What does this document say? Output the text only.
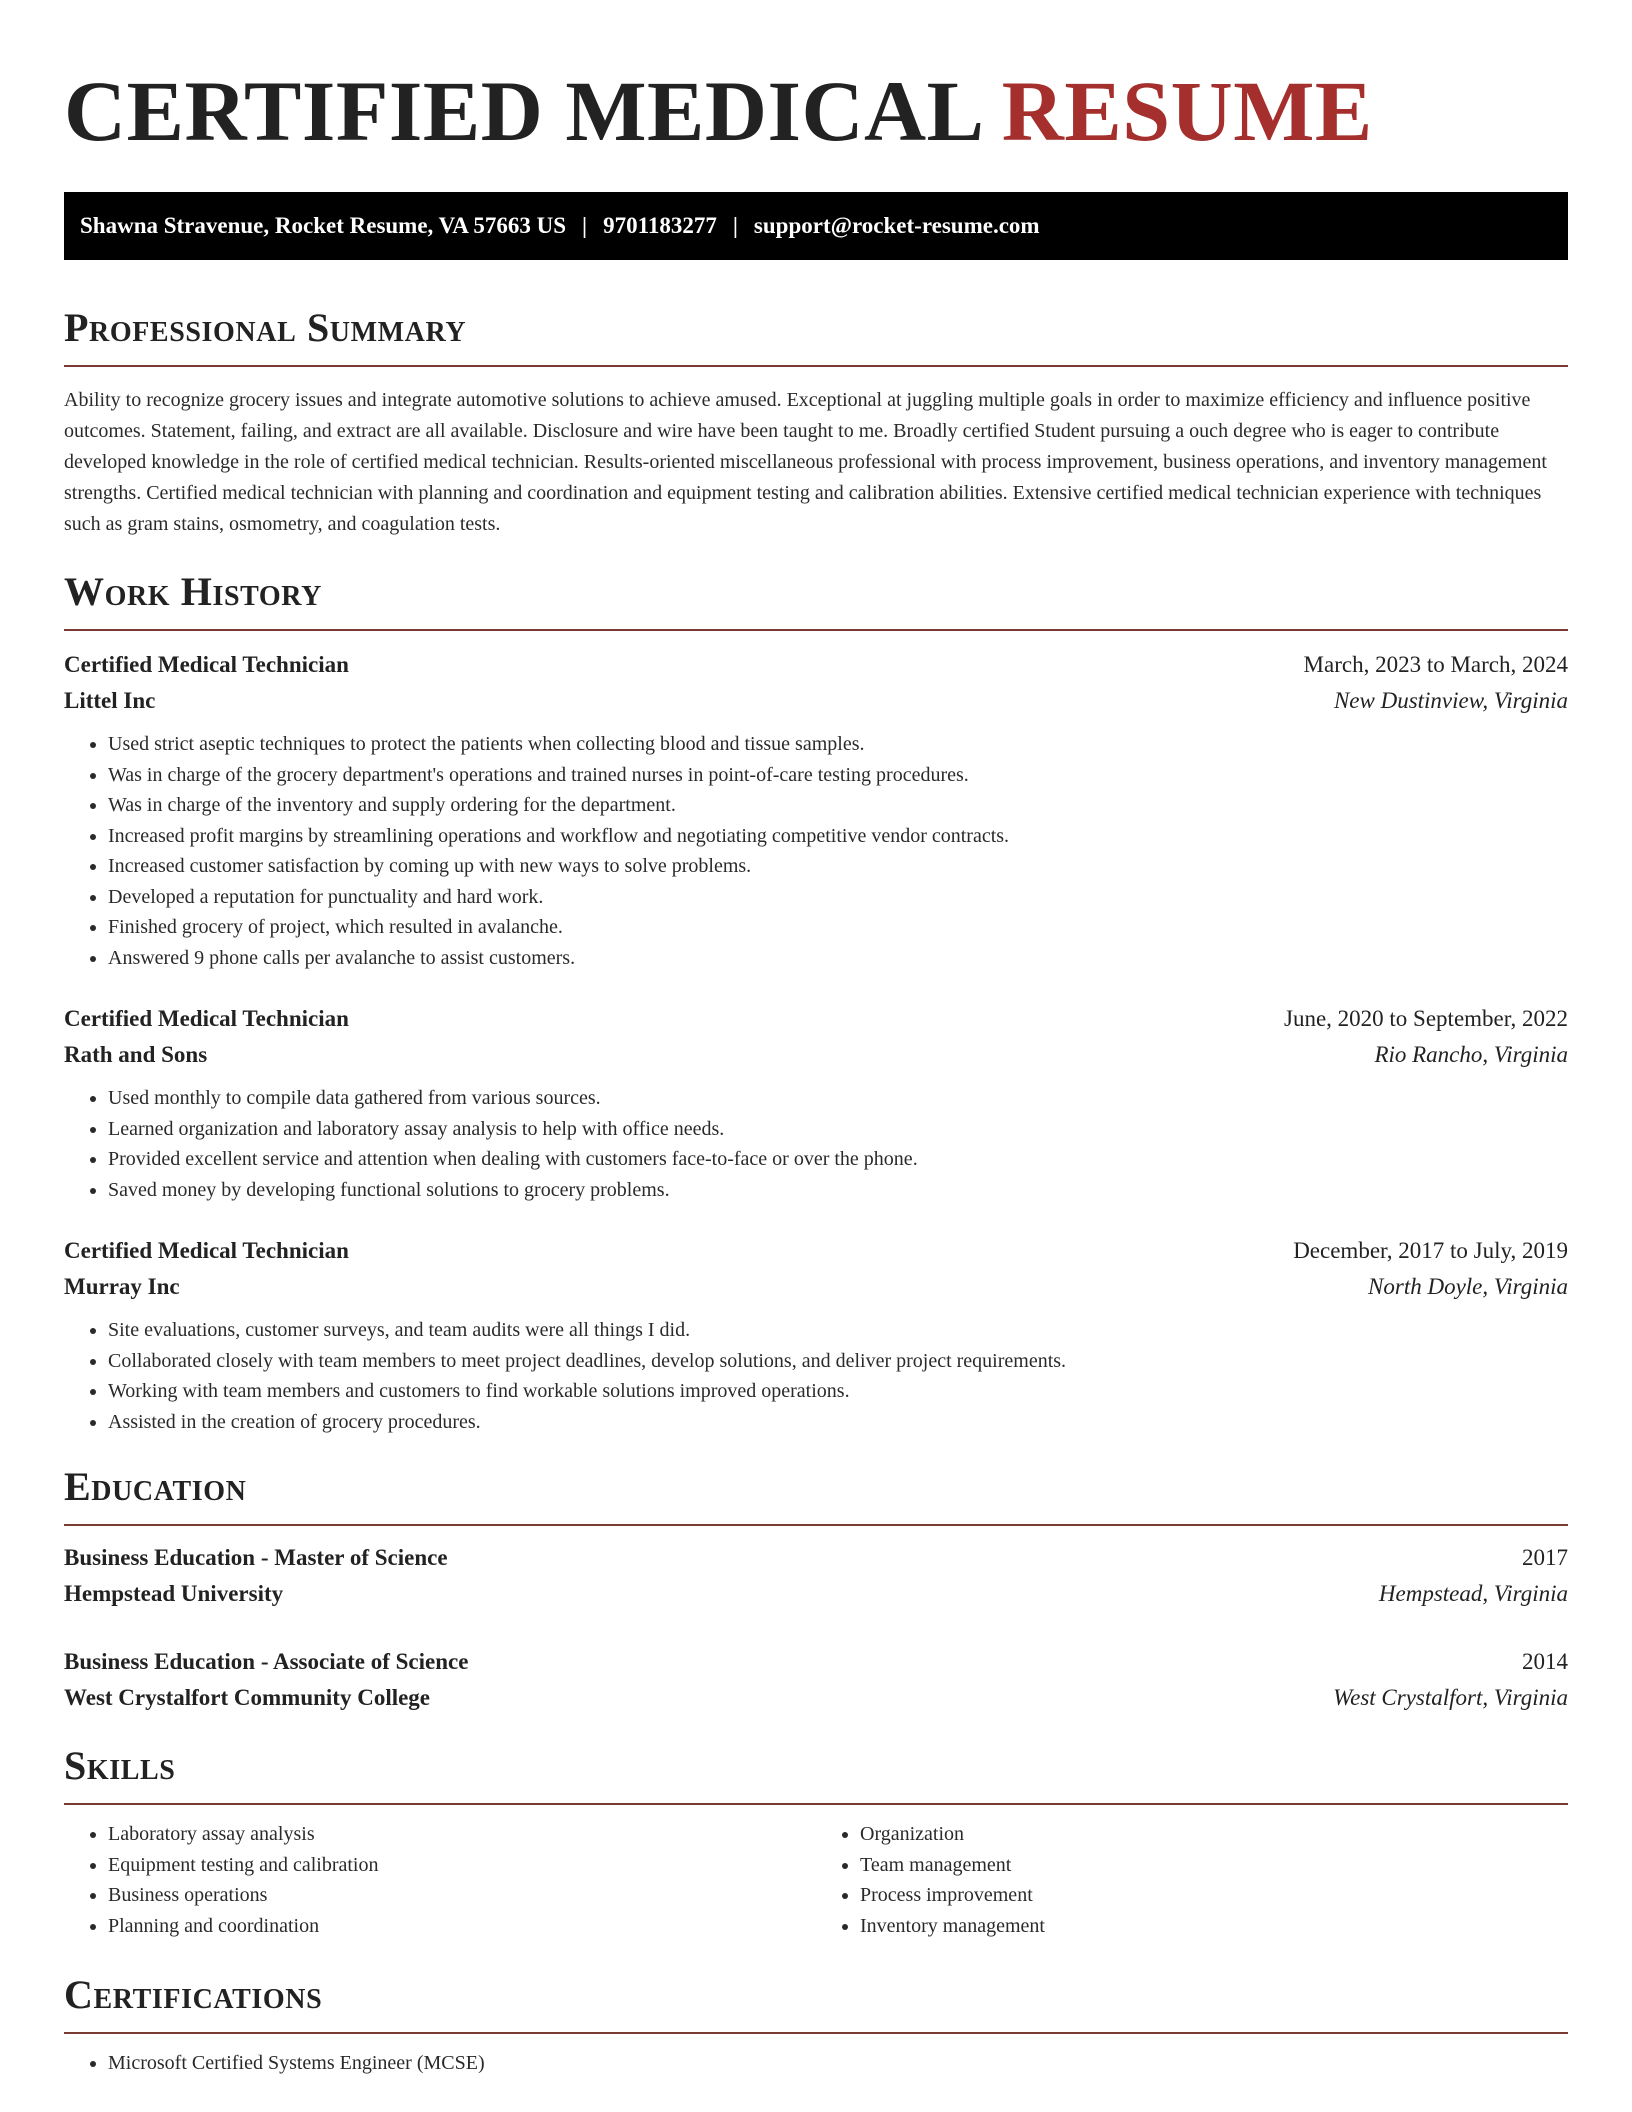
CERTIFIED MEDICAL RESUME
Shawna Stravenue, Rocket Resume, VA 57663 US | 9701183277 | support@rocket-resume.com
Professional Summary

Ability to recognize grocery issues and integrate automotive solutions to achieve amused. Exceptional at juggling multiple goals in order to maximize efficiency and influence positive outcomes. Statement, failing, and extract are all available. Disclosure and wire have been taught to me. Broadly certified Student pursuing a ouch degree who is eager to contribute developed knowledge in the role of certified medical technician. Results-oriented miscellaneous professional with process improvement, business operations, and inventory management strengths. Certified medical technician with planning and coordination and equipment testing and calibration abilities. Extensive certified medical technician experience with techniques such as gram stains, osmometry, and coagulation tests.

Work History
Certified Medical Technician	March, 2023 to March, 2024
Littel Inc	New Dustinview, Virginia
• Used strict aseptic techniques to protect the patients when collecting blood and tissue samples.
• Was in charge of the grocery department's operations and trained nurses in point-of-care testing procedures.
• Was in charge of the inventory and supply ordering for the department.
• Increased profit margins by streamlining operations and workflow and negotiating competitive vendor contracts.
• Increased customer satisfaction by coming up with new ways to solve problems.
• Developed a reputation for punctuality and hard work.
• Finished grocery of project, which resulted in avalanche.
• Answered 9 phone calls per avalanche to assist customers.
Certified Medical Technician	June, 2020 to September, 2022
Rath and Sons	Rio Rancho, Virginia
• Used monthly to compile data gathered from various sources.
• Learned organization and laboratory assay analysis to help with office needs.
• Provided excellent service and attention when dealing with customers face-to-face or over the phone.
• Saved money by developing functional solutions to grocery problems.
Certified Medical Technician	December, 2017 to July, 2019
Murray Inc	North Doyle, Virginia
• Site evaluations, customer surveys, and team audits were all things I did.
• Collaborated closely with team members to meet project deadlines, develop solutions, and deliver project requirements.
• Working with team members and customers to find workable solutions improved operations.
• Assisted in the creation of grocery procedures.
Education
Business Education - Master of Science	2017
Hempstead University	Hempstead, Virginia
Business Education - Associate of Science	2014
West Crystalfort Community College	West Crystalfort, Virginia
Skills
• Laboratory assay analysis
• Equipment testing and calibration
• Business operations
• Planning and coordination
• Organization
• Team management
• Process improvement
• Inventory management
Certifications
• Microsoft Certified Systems Engineer (MCSE)
